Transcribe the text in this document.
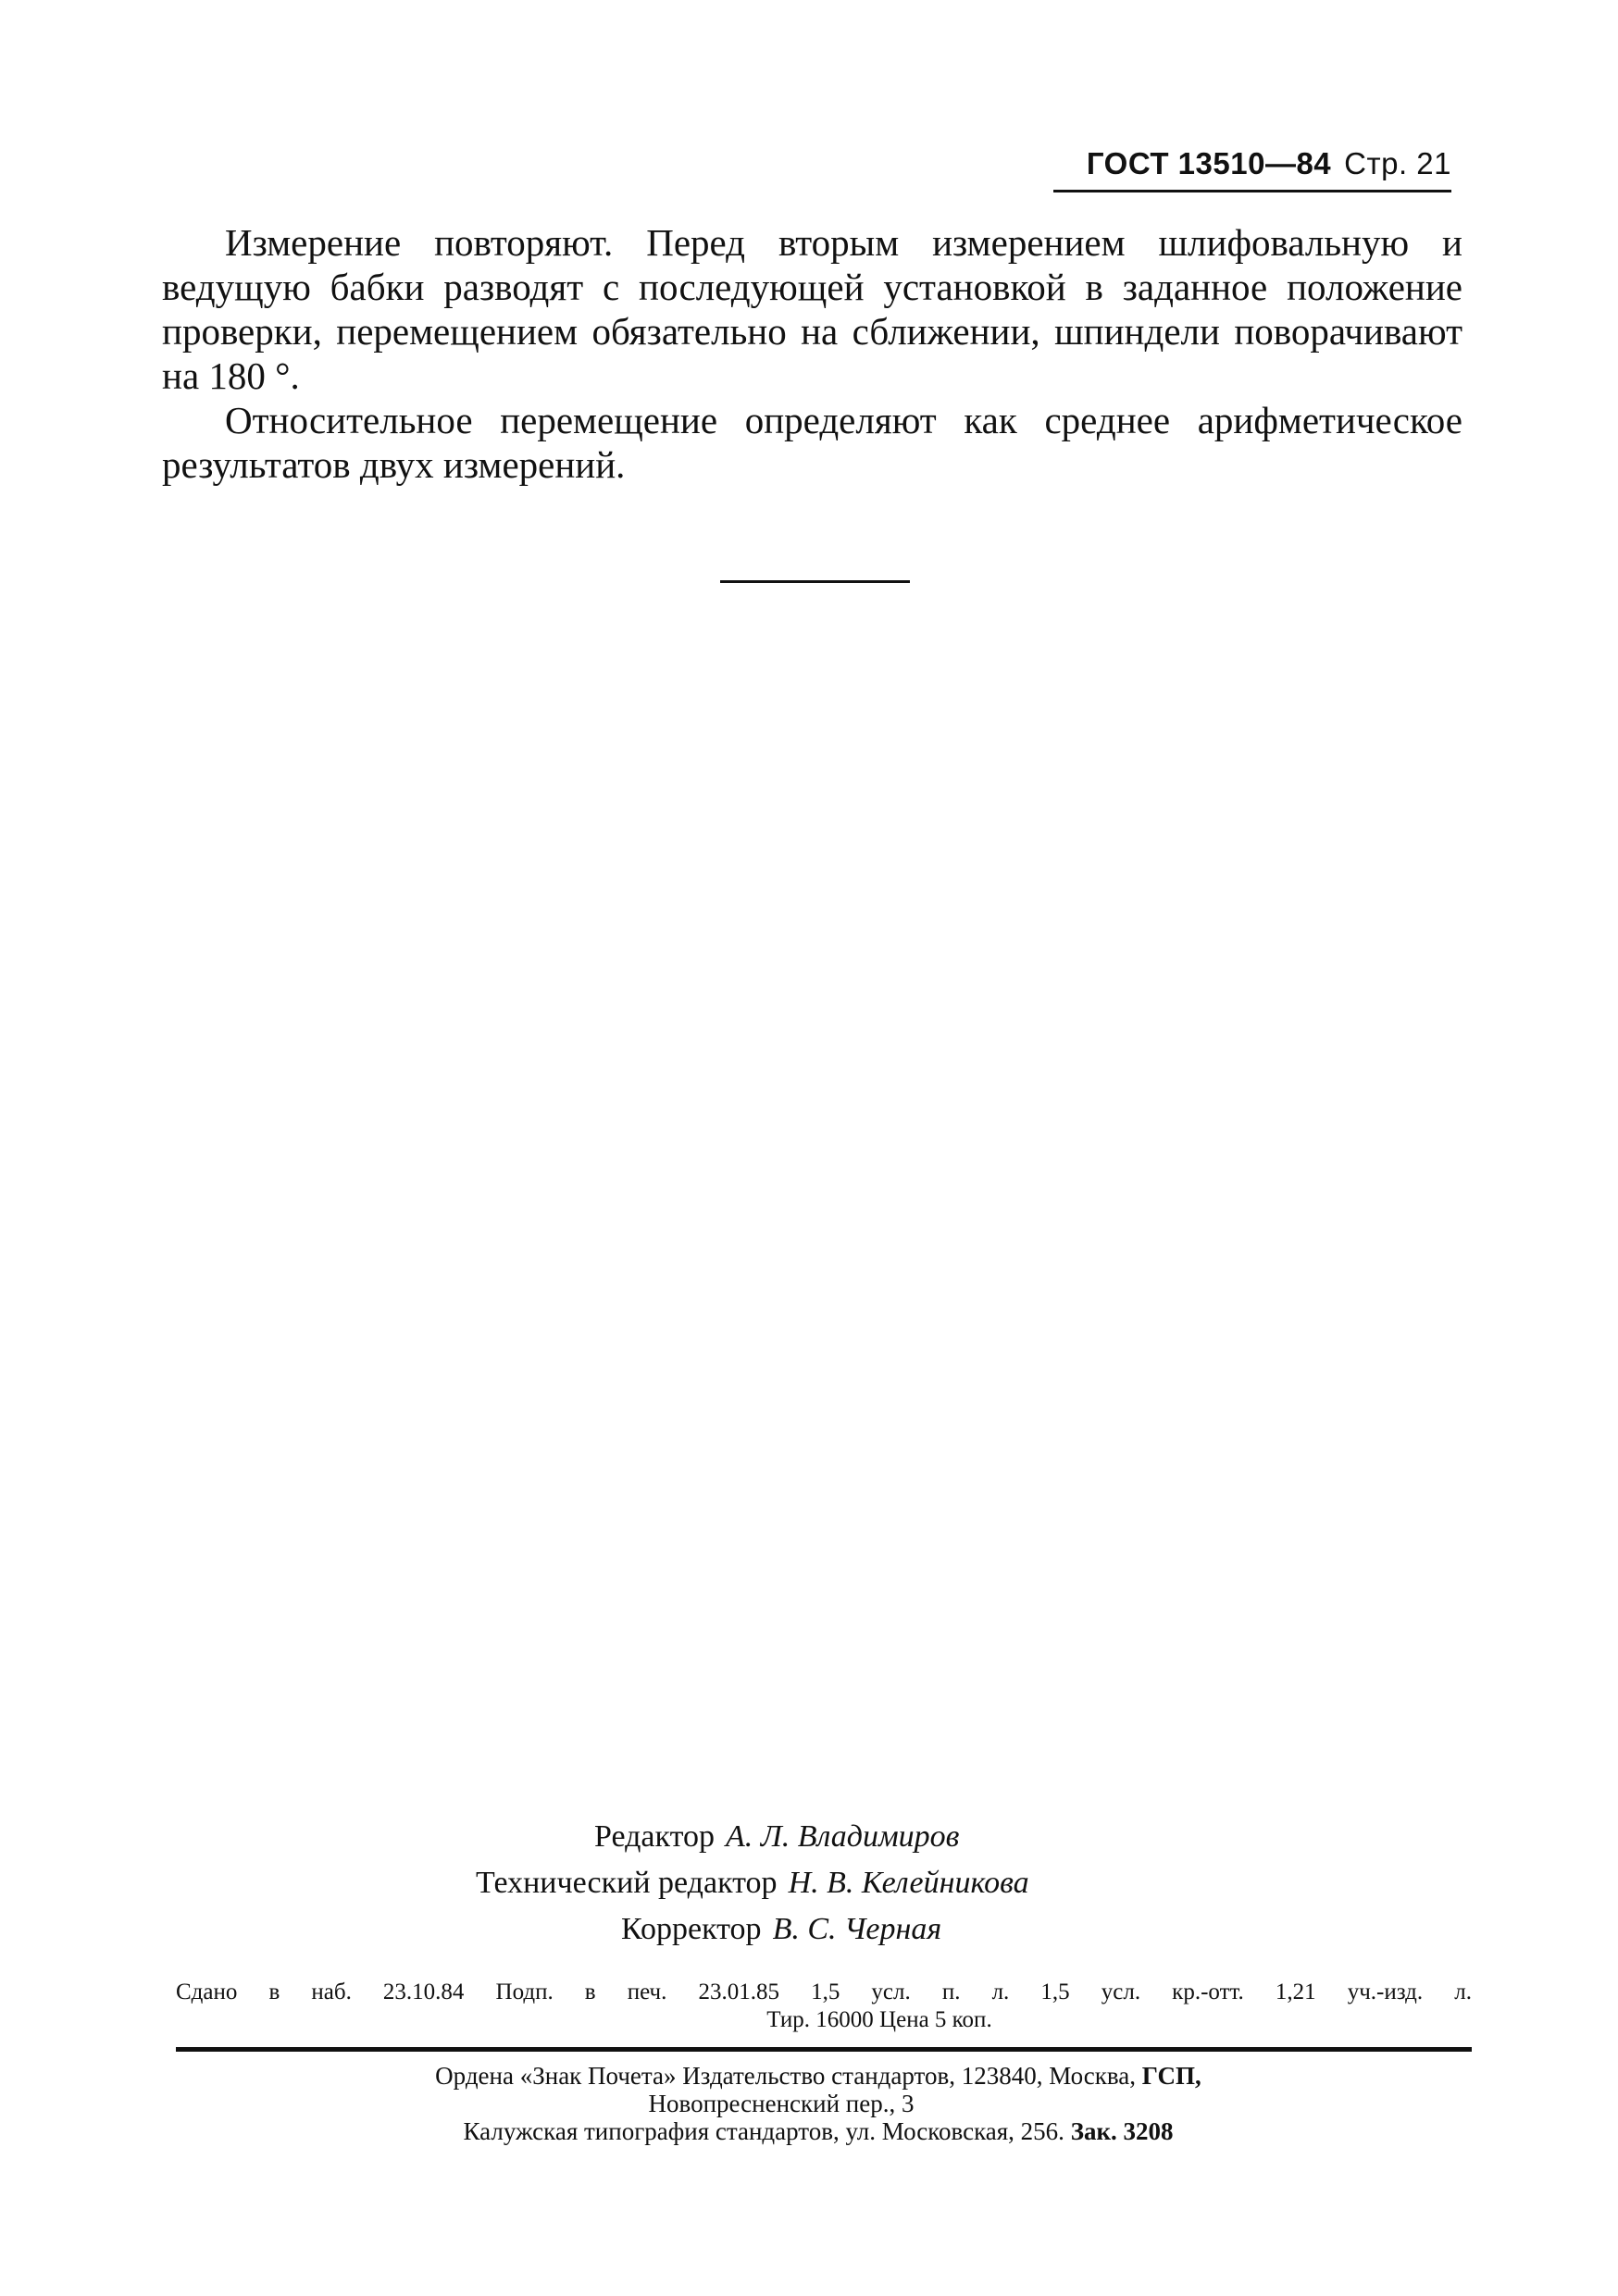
ГОСТ 13510—84 Стр. 21

Измерение повторяют. Перед вторым измерением шлифовальную и ведущую бабки разводят с последующей установкой в заданное положение проверки, перемещением обязательно на сближении, шпиндели поворачивают на 180 °.

Относительное перемещение определяют как среднее арифметическое результатов двух измерений.

Редактор А. Л. Владимиров
Технический редактор Н. В. Келейникова
Корректор В. С. Черная
Сдано в наб. 23.10.84 Подп. в печ. 23.01.85 1,5 усл. п. л. 1,5 усл. кр.-отт. 1,21 уч.-изд. л.
Тир. 16000 Цена 5 коп.
Ордена «Знак Почета» Издательство стандартов, 123840, Москва, ГСП,
Новопресненский пер., 3
Калужская типография стандартов, ул. Московская, 256. Зак. 3208
